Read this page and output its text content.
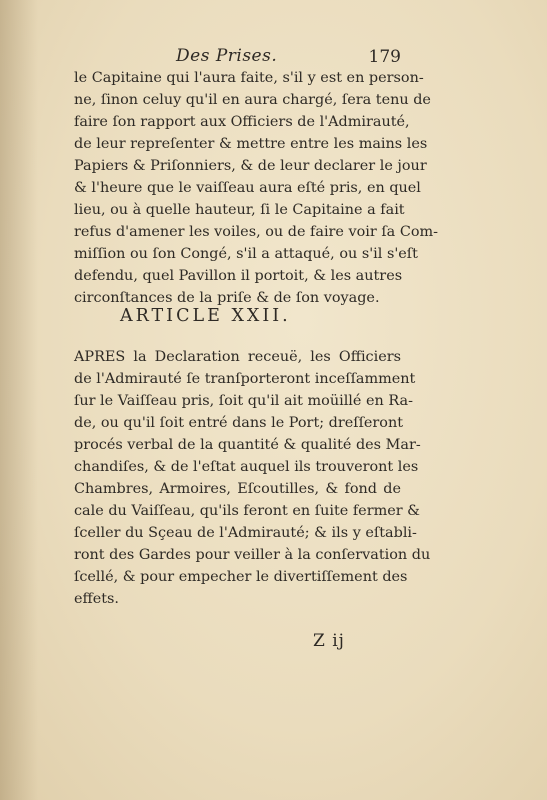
Des Prises.	179
le Capitaine qui l'aura faite, s'il y est en person-
ne, ſinon celuy qu'il en aura chargé, ſera tenu de
faire ſon rapport aux Officiers de l'Admirauté,
de leur repreſenter & mettre entre les mains les
Papiers & Priſonniers, & de leur declarer le jour
& l'heure que le vaiſſeau aura eſté pris, en quel
lieu, ou à quelle hauteur, ſi le Capitaine a fait
refus d'amener les voiles, ou de faire voir ſa Com-
miſſion ou ſon Congé, s'il a attaqué, ou s'il s'eſt
defendu, quel Pavillon il portoit, & les autres
circonſtances de la priſe & de ſon voyage.
ARTICLE XXII.
APRES la Declaration receuë, les Officiers
de l'Admirauté ſe tranſporteront inceſſamment
ſur le Vaiſſeau pris, ſoit qu'il ait moüillé en Ra-
de, ou qu'il ſoit entré dans le Port; dreſſeront
procés verbal de la quantité & qualité des Mar-
chandiſes, & de l'eſtat auquel ils trouveront les
Chambres, Armoires, Eſcoutilles, & fond de
cale du Vaiſſeau, qu'ils feront en ſuite fermer &
ſceller du Sçeau de l'Admirauté; & ils y eſtabli-
ront des Gardes pour veiller à la conſervation du
ſcellé, & pour empecher le divertiſſement des
effets.
Z ij
